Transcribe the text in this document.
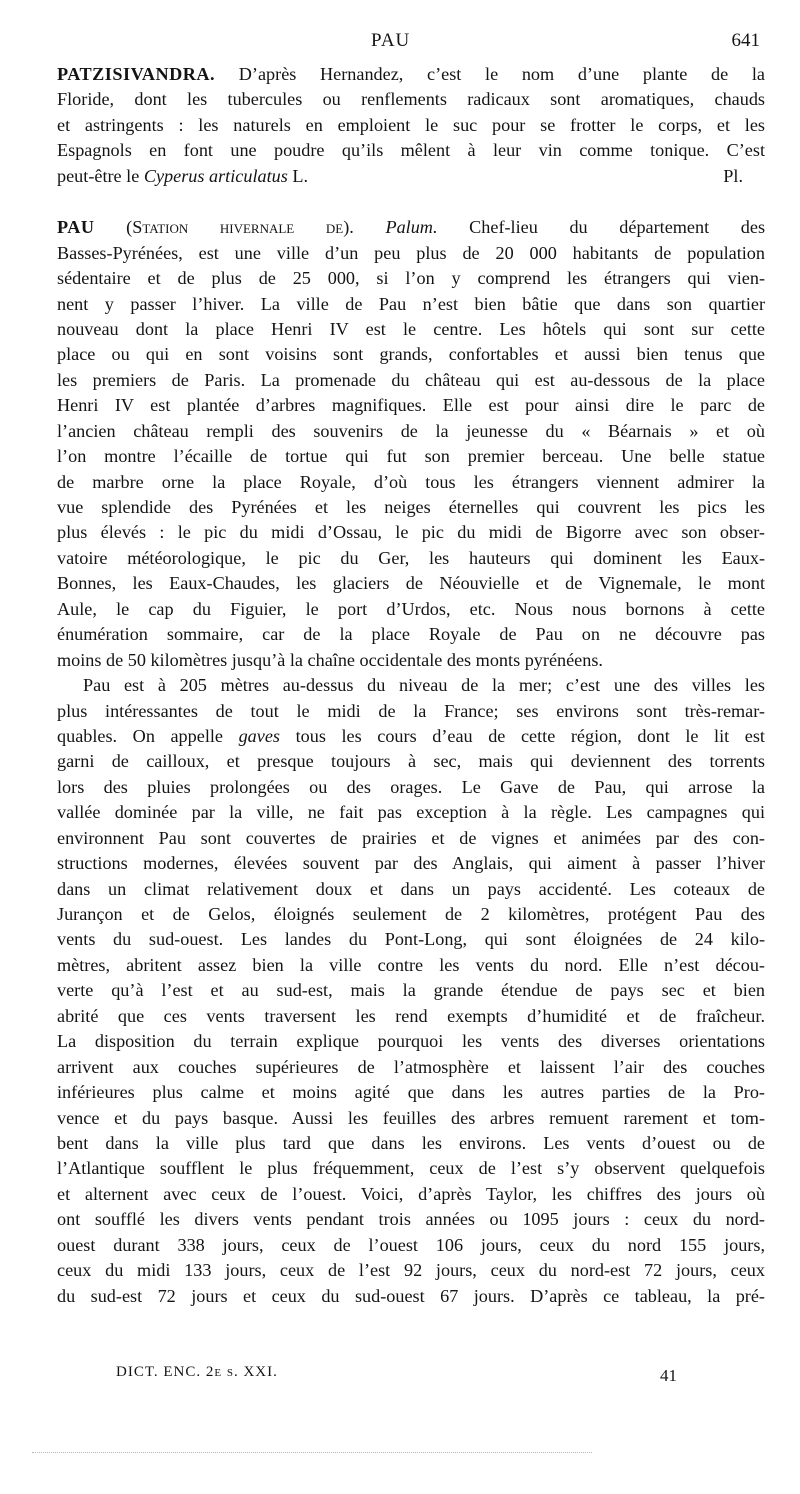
PAU	641
PATZISIVANDRA. D’après Hernandez, c’est le nom d’une plante de la
Floride, dont les tubercules ou renflements radicaux sont aromatiques, chauds
et astringents : les naturels en emploient le suc pour se frotter le corps, et les
Espagnols en font une poudre qu’ils mêlent à leur vin comme tonique. C’est
peut-être le Cyperus articulatus L.	Pl.
PAU (Station hivernale de). Palum. Chef-lieu du département des
Basses-Pyrénées, est une ville d’un peu plus de 20 000 habitants de population
sédentaire et de plus de 25 000, si l’on y comprend les étrangers qui vien-
nent y passer l’hiver. La ville de Pau n’est bien bâtie que dans son quartier
nouveau dont la place Henri IV est le centre. Les hôtels qui sont sur cette
place ou qui en sont voisins sont grands, confortables et aussi bien tenus que
les premiers de Paris. La promenade du château qui est au-dessous de la place
Henri IV est plantée d’arbres magnifiques. Elle est pour ainsi dire le parc de
l’ancien château rempli des souvenirs de la jeunesse du « Béarnais » et où
l’on montre l’écaille de tortue qui fut son premier berceau. Une belle statue
de marbre orne la place Royale, d’où tous les étrangers viennent admirer la
vue splendide des Pyrénées et les neiges éternelles qui couvrent les pics les
plus élevés : le pic du midi d’Ossau, le pic du midi de Bigorre avec son obser-
vatoire météorologique, le pic du Ger, les hauteurs qui dominent les Eaux-
Bonnes, les Eaux-Chaudes, les glaciers de Néouvielle et de Vignemale, le mont
Aule, le cap du Figuier, le port d’Urdos, etc. Nous nous bornons à cette
énumération sommaire, car de la place Royale de Pau on ne découvre pas
moins de 50 kilomètres jusqu’à la chaîne occidentale des monts pyrénéens.
Pau est à 205 mètres au-dessus du niveau de la mer; c’est une des villes les
plus intéressantes de tout le midi de la France; ses environs sont très-remar-
quables. On appelle gaves tous les cours d’eau de cette région, dont le lit est
garni de cailloux, et presque toujours à sec, mais qui deviennent des torrents
lors des pluies prolongées ou des orages. Le Gave de Pau, qui arrose la
vallée dominée par la ville, ne fait pas exception à la règle. Les campagnes qui
environnent Pau sont couvertes de prairies et de vignes et animées par des con-
structions modernes, élevées souvent par des Anglais, qui aiment à passer l’hiver
dans un climat relativement doux et dans un pays accidenté. Les coteaux de
Jurançon et de Gelos, éloignés seulement de 2 kilomètres, protégent Pau des
vents du sud-ouest. Les landes du Pont-Long, qui sont éloignées de 24 kilo-
mètres, abritent assez bien la ville contre les vents du nord. Elle n’est décou-
verte qu’à l’est et au sud-est, mais la grande étendue de pays sec et bien
abrité que ces vents traversent les rend exempts d’humidité et de fraîcheur.
La disposition du terrain explique pourquoi les vents des diverses orientations
arrivent aux couches supérieures de l’atmosphère et laissent l’air des couches
inférieures plus calme et moins agité que dans les autres parties de la Pro-
vence et du pays basque. Aussi les feuilles des arbres remuent rarement et tom-
bent dans la ville plus tard que dans les environs. Les vents d’ouest ou de
l’Atlantique soufflent le plus fréquemment, ceux de l’est s’y observent quelquefois
et alternent avec ceux de l’ouest. Voici, d’après Taylor, les chiffres des jours où
ont soufflé les divers vents pendant trois années ou 1095 jours : ceux du nord-
ouest durant 338 jours, ceux de l’ouest 106 jours, ceux du nord 155 jours,
ceux du midi 133 jours, ceux de l’est 92 jours, ceux du nord-est 72 jours, ceux
du sud-est 72 jours et ceux du sud-ouest 67 jours. D’après ce tableau, la pré-
DICT. ENC. 2e s. XXI.	41
